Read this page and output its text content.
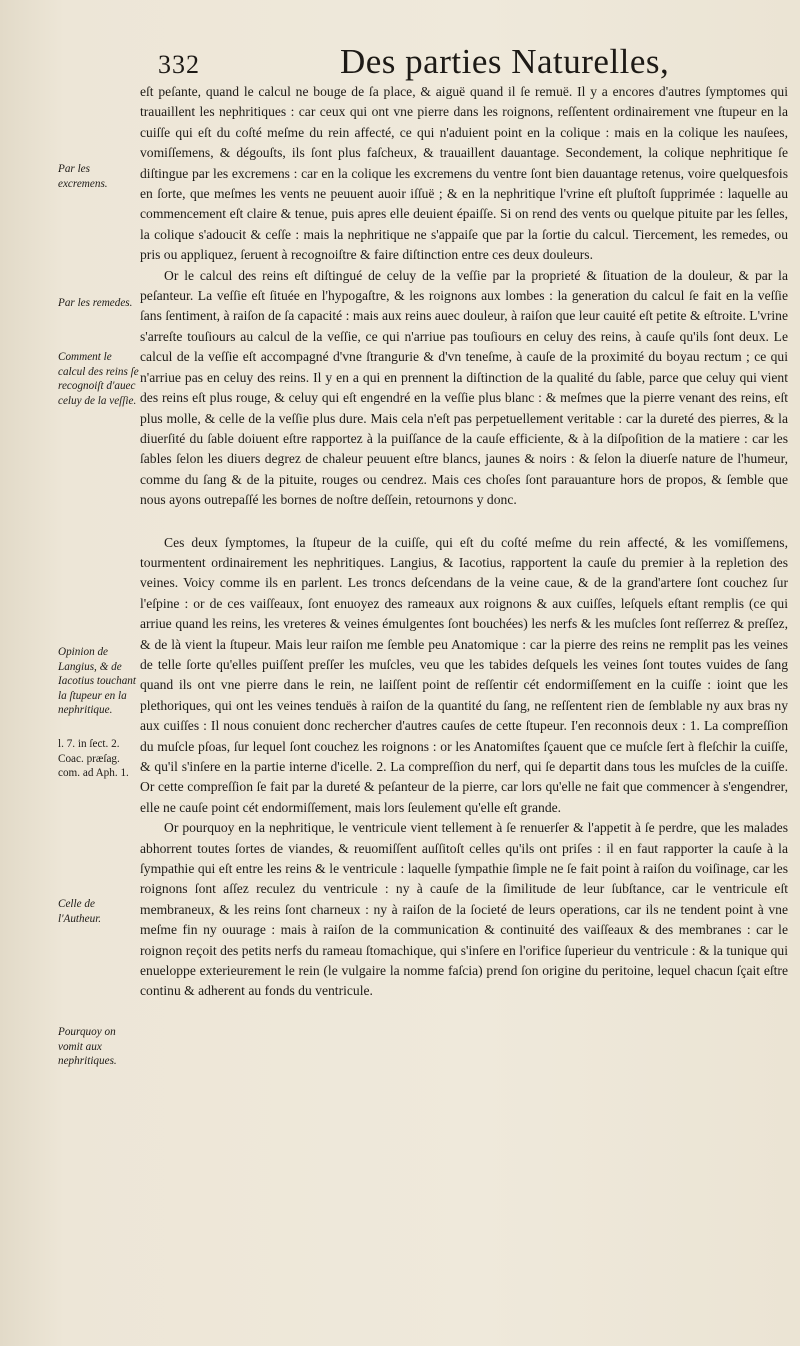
332	Des parties Naturelles,

eſt peſante, quand le calcul ne bouge de ſa place, & aiguë quand il ſe remuë. Il y a encores d'autres ſymptomes qui trauaillent les nephritiques : car ceux qui ont vne pierre dans les roignons, reſſentent ordinairement vne ſtupeur en la cuiſſe qui eſt du coſté meſme du rein affecté, ce qui n'aduient point en la colique : mais en la colique les nauſees, vomiſſemens, & dégouſts, ils ſont plus faſcheux, & trauaillent dauantage. Secondement, la colique nephritique ſe diſtingue par les excremens : car en la colique les excremens du ventre ſont bien dauantage retenus, voire quelquesfois en ſorte, que meſmes les vents ne peuuent auoir iſſuë ; & en la nephritique l'vrine eſt pluſtoſt ſupprimée : laquelle au commencement eſt claire & tenue, puis apres elle deuient épaiſſe. Si on rend des vents ou quelque pituite par les ſelles, la colique s'adoucit & ceſſe : mais la nephritique ne s'appaiſe que par la ſortie du calcul. Tiercement, les remedes, ou pris ou appliquez, ſeruent à recognoiſtre & faire diſtinction entre ces deux douleurs.

Or le calcul des reins eſt diſtingué de celuy de la veſſie par la proprieté & ſituation de la douleur, & par la peſanteur. La veſſie eſt ſituée en l'hypogaſtre, & les roignons aux lombes : la generation du calcul ſe fait en la veſſie ſans ſentiment, à raiſon de ſa capacité : mais aux reins auec douleur, à raiſon que leur cauité eſt petite & eſtroite. L'vrine s'arreſte touſiours au calcul de la veſſie, ce qui n'arriue pas touſiours en celuy des reins, à cauſe qu'ils ſont deux. Le calcul de la veſſie eſt accompagné d'vne ſtrangurie & d'vn teneſme, à cauſe de la proximité du boyau rectum ; ce qui n'arriue pas en celuy des reins. Il y en a qui en prennent la diſtinction de la qualité du ſable, parce que celuy qui vient des reins eſt plus rouge, & celuy qui eſt engendré en la veſſie plus blanc : & meſmes que la pierre venant des reins, eſt plus molle, & celle de la veſſie plus dure. Mais cela n'eſt pas perpetuellement veritable : car la dureté des pierres, & la diuerſité du ſable doiuent eſtre rapportez à la puiſſance de la cauſe efficiente, & à la diſpoſition de la matiere : car les ſables ſelon les diuers degrez de chaleur peuuent eſtre blancs, jaunes & noirs : & ſelon la diuerſe nature de l'humeur, comme du ſang & de la pituite, rouges ou cendrez. Mais ces choſes ſont parauanture hors de propos, & ſemble que nous ayons outrepaſſé les bornes de noſtre deſſein, retournons y donc.

Ces deux ſymptomes, la ſtupeur de la cuiſſe, qui eſt du coſté meſme du rein affecté, & les vomiſſemens, tourmentent ordinairement les nephritiques. Langius, & Iacotius, rapportent la cauſe du premier à la repletion des veines. Voicy comme ils en parlent. Les troncs deſcendans de la veine caue, & de la grand'artere ſont couchez ſur l'eſpine : or de ces vaiſſeaux, ſont enuoyez des rameaux aux roignons & aux cuiſſes, leſquels eſtant remplis (ce qui arriue quand les reins, les vreteres & veines émulgentes ſont bouchées) les nerfs & les muſcles ſont reſſerrez & preſſez, & de là vient la ſtupeur. Mais leur raiſon me ſemble peu Anatomique : car la pierre des reins ne remplit pas les veines de telle ſorte qu'elles puiſſent preſſer les muſcles, veu que les tabides deſquels les veines ſont toutes vuides de ſang quand ils ont vne pierre dans le rein, ne laiſſent point de reſſentir cét endormiſſement en la cuiſſe : ioint que les plethoriques, qui ont les veines tenduës à raiſon de la quantité du ſang, ne reſſentent rien de ſemblable ny aux bras ny aux cuiſſes : Il nous conuient donc rechercher d'autres cauſes de cette ſtupeur. I'en reconnois deux : 1. La compreſſion du muſcle pſoas, ſur lequel ſont couchez les roignons : or les Anatomiſtes ſçauent que ce muſcle ſert à fleſchir la cuiſſe, & qu'il s'inſere en la partie interne d'icelle. 2. La compreſſion du nerf, qui ſe departit dans tous les muſcles de la cuiſſe. Or cette compreſſion ſe fait par la dureté & peſanteur de la pierre, car lors qu'elle ne fait que commencer à s'engendrer, elle ne cauſe point cét endormiſſement, mais lors ſeulement qu'elle eſt grande.

Or pourquoy en la nephritique, le ventricule vient tellement à ſe renuerſer & l'appetit à ſe perdre, que les malades abhorrent toutes ſortes de viandes, & reuomiſſent auſſitoſt celles qu'ils ont priſes : il en faut rapporter la cauſe à la ſympathie qui eſt entre les reins & le ventricule : laquelle ſympathie ſimple ne ſe fait point à raiſon du voiſinage, car les roignons ſont aſſez reculez du ventricule : ny à cauſe de la ſimilitude de leur ſubſtance, car le ventricule eſt membraneux, & les reins ſont charneux : ny à raiſon de la ſocieté de leurs operations, car ils ne tendent point à vne meſme fin ny ouurage : mais à raiſon de la communication & continuité des vaiſſeaux & des membranes : car le roignon reçoit des petits nerfs du rameau ſtomachique, qui s'inſere en l'orifice ſuperieur du ventricule : & la tunique qui enueloppe exterieurement le rein (le vulgaire la nomme faſcia) prend ſon origine du peritoine, lequel chacun ſçait eſtre continu & adherent au fonds du ventricule.

Par les excremens.
Par les remedes.
Comment le calcul des reins ſe recognoiſt d'auec celuy de la veſſie.
Opinion de Langius, & de Iacotius touchant la ſtupeur en la nephritique.
l. 7. in ſect. 2. Coac. præſag. com. ad Aph. 1.
Celle de l'Autheur.
Pourquoy on vomit aux nephritiques.
